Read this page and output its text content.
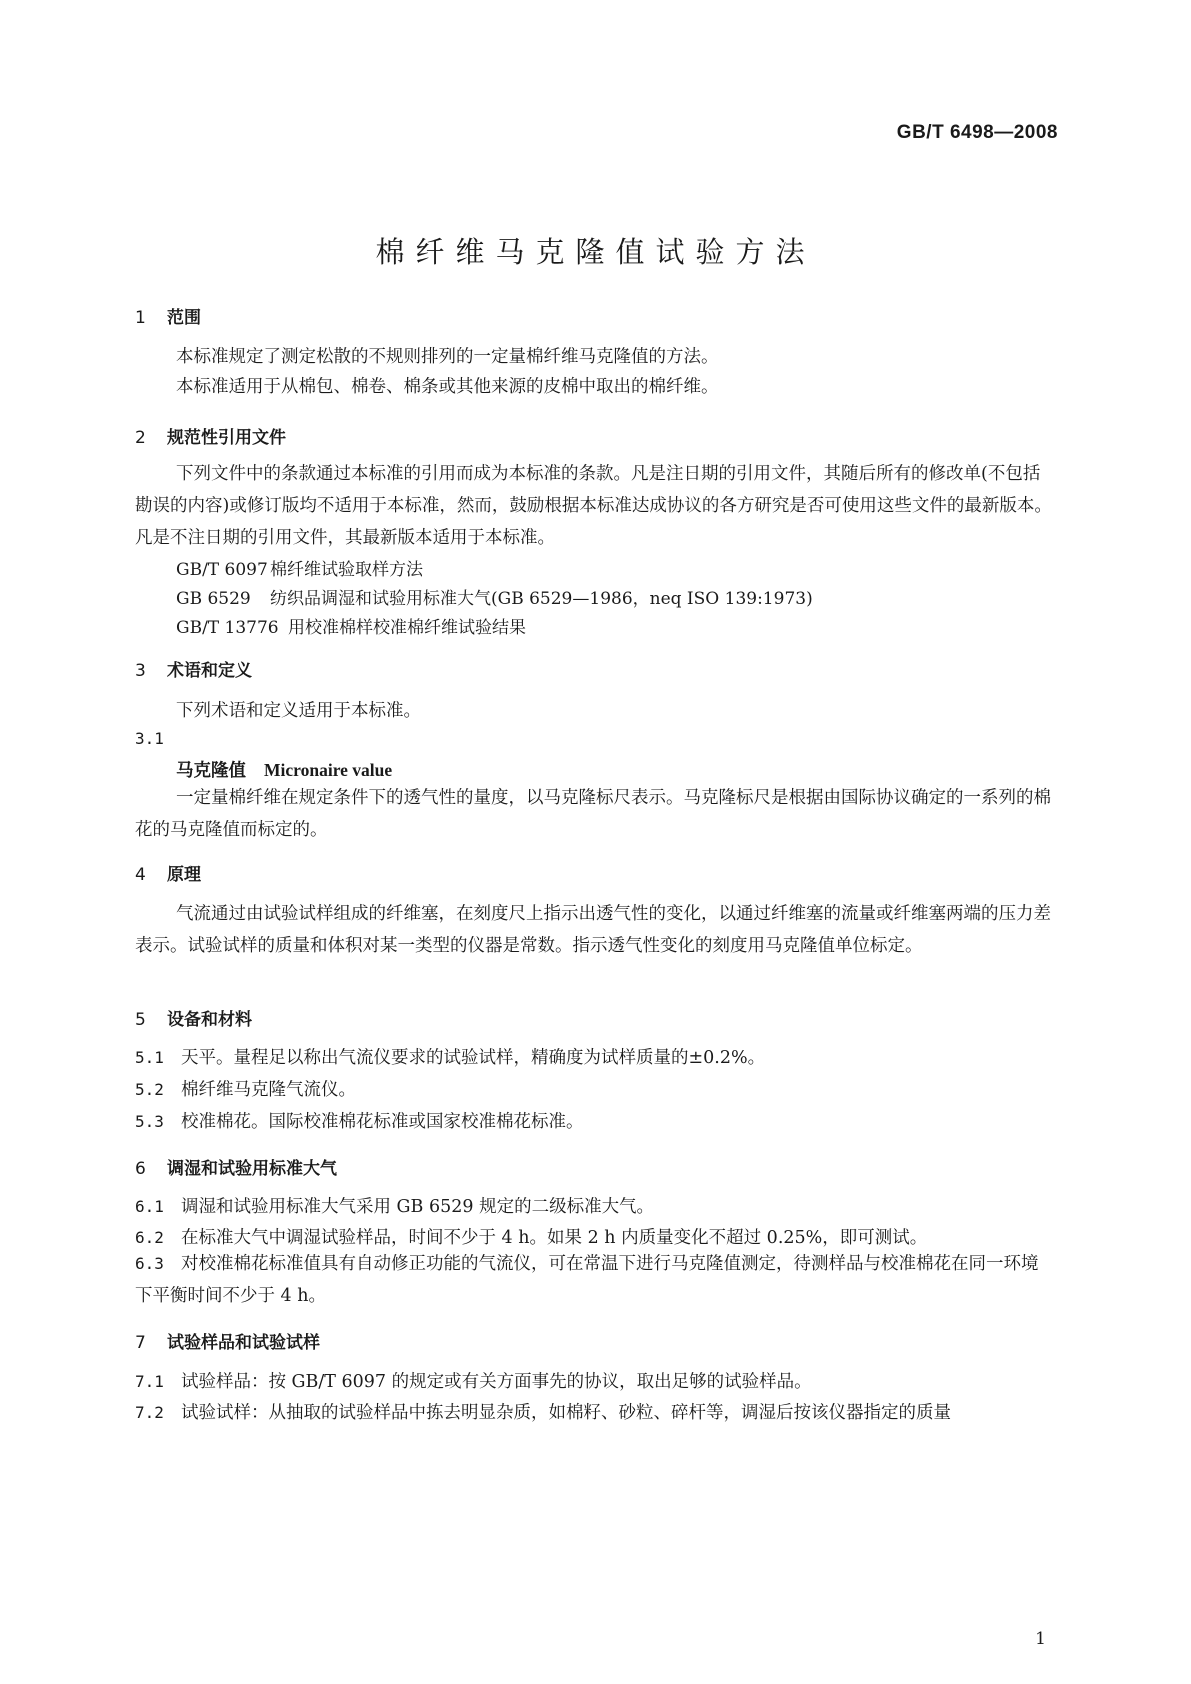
GB/T 6498—2008
棉纤维马克隆值试验方法
1 范围
本标准规定了测定松散的不规则排列的一定量棉纤维马克隆值的方法。
本标准适用于从棉包、棉卷、棉条或其他来源的皮棉中取出的棉纤维。
2 规范性引用文件
下列文件中的条款通过本标准的引用而成为本标准的条款。凡是注日期的引用文件，其随后所有的修改单(不包括勘误的内容)或修订版均不适用于本标准，然而，鼓励根据本标准达成协议的各方研究是否可使用这些文件的最新版本。凡是不注日期的引用文件，其最新版本适用于本标准。
GB/T 6097 棉纤维试验取样方法
GB 6529 纺织品调湿和试验用标准大气(GB 6529—1986，neq ISO 139:1973)
GB/T 13776 用校准棉样校准棉纤维试验结果
3 术语和定义
下列术语和定义适用于本标准。
3.1
马克隆值 Micronaire value
一定量棉纤维在规定条件下的透气性的量度，以马克隆标尺表示。马克隆标尺是根据由国际协议确定的一系列的棉花的马克隆值而标定的。
4 原理
气流通过由试验试样组成的纤维塞，在刻度尺上指示出透气性的变化，以通过纤维塞的流量或纤维塞两端的压力差表示。试验试样的质量和体积对某一类型的仪器是常数。指示透气性变化的刻度用马克隆值单位标定。
5 设备和材料
5.1 天平。量程足以称出气流仪要求的试验试样，精确度为试样质量的±0.2%。
5.2 棉纤维马克隆气流仪。
5.3 校准棉花。国际校准棉花标准或国家校准棉花标准。
6 调湿和试验用标准大气
6.1 调湿和试验用标准大气采用 GB 6529 规定的二级标准大气。
6.2 在标准大气中调湿试验样品，时间不少于 4 h。如果 2 h 内质量变化不超过 0.25%，即可测试。
6.3 对校准棉花标准值具有自动修正功能的气流仪，可在常温下进行马克隆值测定，待测样品与校准棉花在同一环境下平衡时间不少于 4 h。
7 试验样品和试验试样
7.1 试验样品：按 GB/T 6097 的规定或有关方面事先的协议，取出足够的试验样品。
7.2 试验试样：从抽取的试验样品中拣去明显杂质，如棉籽、砂粒、碎杆等，调湿后按该仪器指定的质量
1
